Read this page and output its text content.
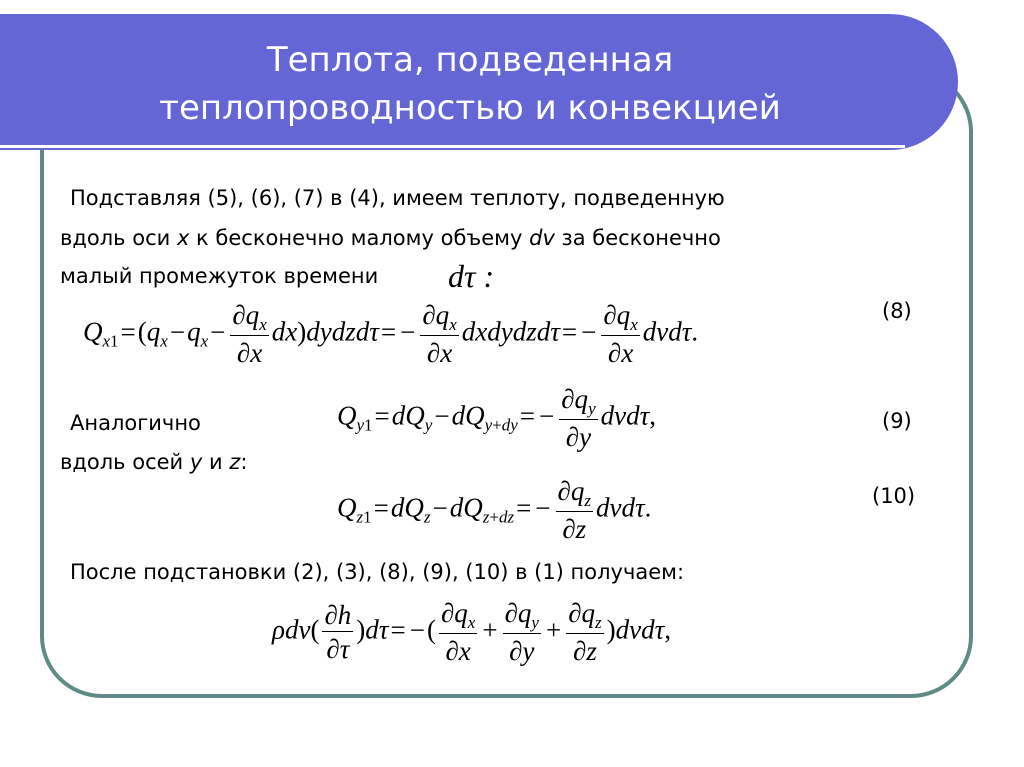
Теплота, подведенная
теплопроводностью и конвекцией
Подставляя (5), (6), (7) в (4), имеем теплоту, подведенную
вдоль оси x к бесконечно малому объему dv за бесконечно
малый промежуток времени dτ :
$Q_{x1}=(q_x-q_x- \frac{\partial q_x}{\partial x}$ dx)dydzdτ= − $\frac{\partial q_x}{\partial x}$ dxdydzdτ= − $\frac{\partial q_x}{\partial x} dvd\tau$.
(8)
Аналогично
вдоль осей y и z:
$Q_{y1}=dQ_y-dQ_{y+dy}= - \frac{\partial q_y}{\partial y} dvd\tau$,	(9)
$Q_{z1}=dQ_z-dQ_{z+dz}= - \frac{\partial q_z}{\partial z} dvd\tau$.	(10)
После подстановки (2), (3), (8), (9), (10) в (1) получаем:
$\rho dv( \frac{\partial h}{\partial\tau} )d\tau=$ −( $\frac{\partial q_x}{\partial x} + \frac{\partial q_y}{\partial y} + \frac{\partial q_z}{\partial z} )dvd\tau$,
